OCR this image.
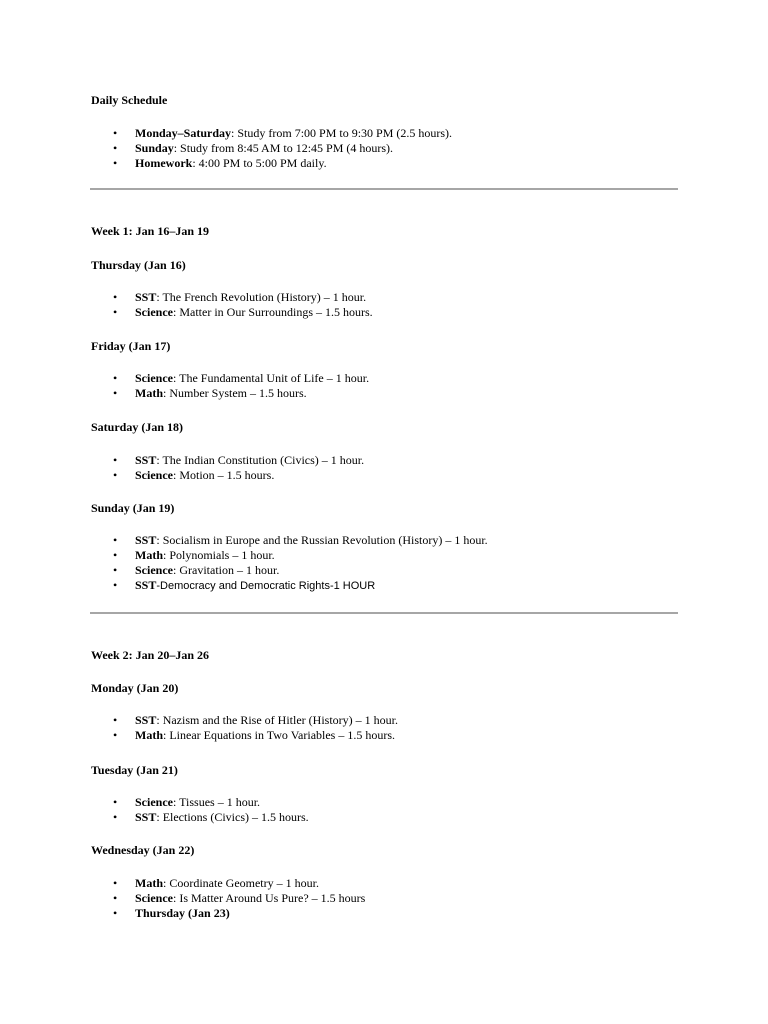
Daily Schedule

• Monday–Saturday: Study from 7:00 PM to 9:30 PM (2.5 hours).
• Sunday: Study from 8:45 AM to 12:45 PM (4 hours).
• Homework: 4:00 PM to 5:00 PM daily.

Week 1: Jan 16–Jan 19

Thursday (Jan 16)

• SST: The French Revolution (History) – 1 hour.
• Science: Matter in Our Surroundings – 1.5 hours.

Friday (Jan 17)

• Science: The Fundamental Unit of Life – 1 hour.
• Math: Number System – 1.5 hours.

Saturday (Jan 18)

• SST: The Indian Constitution (Civics) – 1 hour.
• Science: Motion – 1.5 hours.

Sunday (Jan 19)

• SST: Socialism in Europe and the Russian Revolution (History) – 1 hour.
• Math: Polynomials – 1 hour.
• Science: Gravitation – 1 hour.
• SST-Democracy and Democratic Rights-1 HOUR

Week 2: Jan 20–Jan 26

Monday (Jan 20)

• SST: Nazism and the Rise of Hitler (History) – 1 hour.
• Math: Linear Equations in Two Variables – 1.5 hours.

Tuesday (Jan 21)

• Science: Tissues – 1 hour.
• SST: Elections (Civics) – 1.5 hours.

Wednesday (Jan 22)

• Math: Coordinate Geometry – 1 hour.
• Science: Is Matter Around Us Pure? – 1.5 hours
• Thursday (Jan 23)
